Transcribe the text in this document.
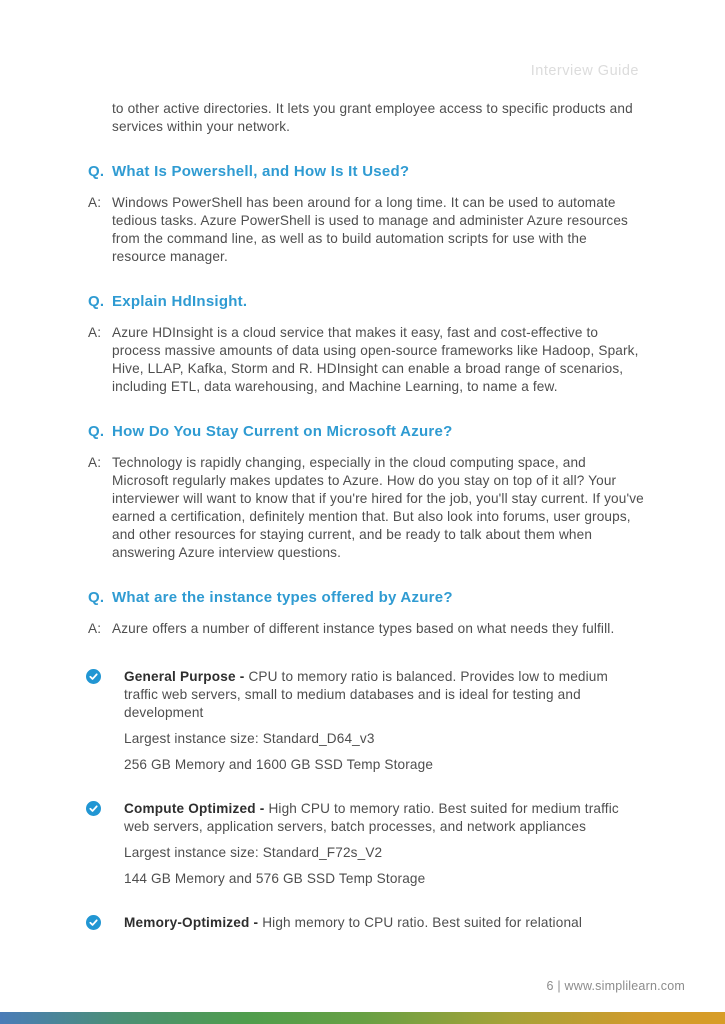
Interview Guide

to other active directories. It lets you grant employee access to specific products and services within your network.

Q. What Is Powershell, and How Is It Used?
A: Windows PowerShell has been around for a long time. It can be used to automate tedious tasks. Azure PowerShell is used to manage and administer Azure resources from the command line, as well as to build automation scripts for use with the resource manager.

Q. Explain HdInsight.
A: Azure HDInsight is a cloud service that makes it easy, fast and cost-effective to process massive amounts of data using open-source frameworks like Hadoop, Spark, Hive, LLAP, Kafka, Storm and R. HDInsight can enable a broad range of scenarios, including ETL, data warehousing, and Machine Learning, to name a few.

Q. How Do You Stay Current on Microsoft Azure?
A: Technology is rapidly changing, especially in the cloud computing space, and Microsoft regularly makes updates to Azure. How do you stay on top of it all? Your interviewer will want to know that if you're hired for the job, you'll stay current. If you've earned a certification, definitely mention that. But also look into forums, user groups, and other resources for staying current, and be ready to talk about them when answering Azure interview questions.

Q. What are the instance types offered by Azure?
A: Azure offers a number of different instance types based on what needs they fulfill.

General Purpose - CPU to memory ratio is balanced. Provides low to medium traffic web servers, small to medium databases and is ideal for testing and development

Largest instance size: Standard_D64_v3

256 GB Memory and 1600 GB SSD Temp Storage

Compute Optimized - High CPU to memory ratio. Best suited for medium traffic web servers, application servers, batch processes, and network appliances

Largest instance size: Standard_F72s_V2

144 GB Memory and 576 GB SSD Temp Storage

Memory-Optimized - High memory to CPU ratio. Best suited for relational

6 | www.simplilearn.com
